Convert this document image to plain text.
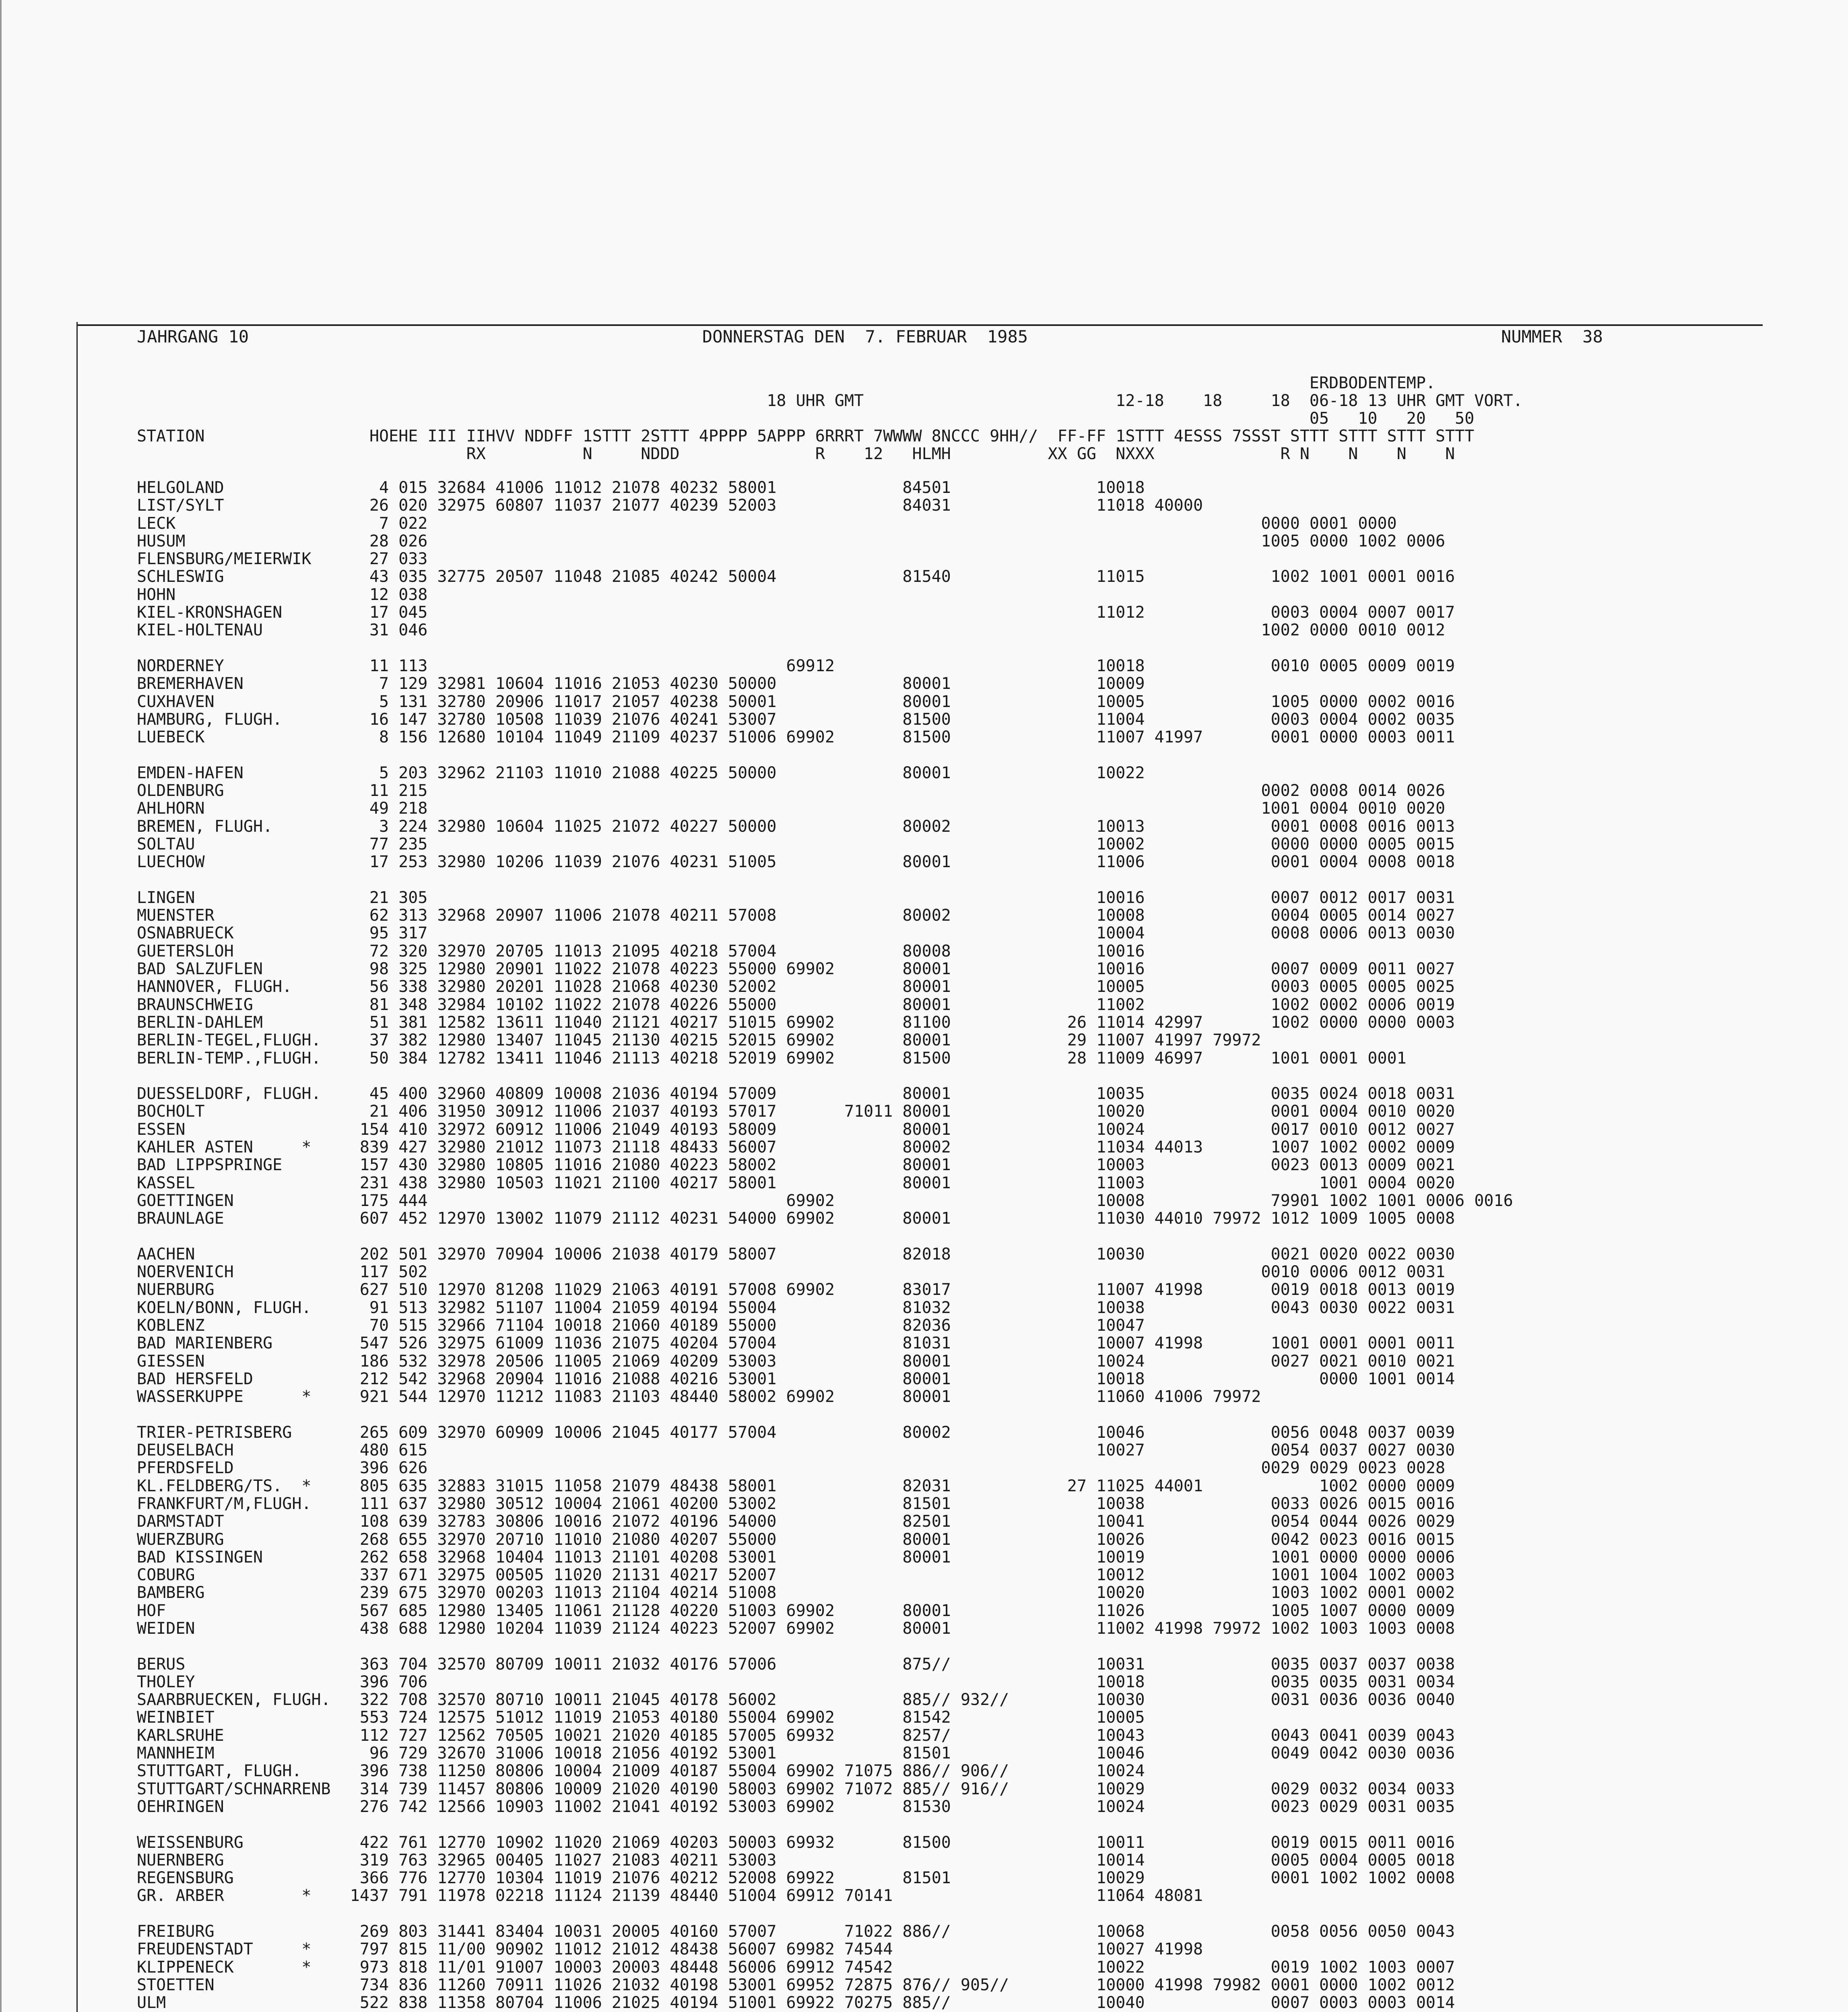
JAHRGANG 10	DONNERSTAG DEN  7. FEBRUAR  1985	NUMMER  38
ERDBODENTEMP.
18 UHR GMT                          12-18    18     18  06-18 13 UHR GMT VORT.
05   10   20   50
STATION                 HOEHE III IIHVV NDDFF 1STTT 2STTT 4PPPP 5APPP 6RRRT 7WWWW 8NCCC 9HH//  FF-FF 1STTT 4ESSS 7SSST STTT STTT STTT STTT
RX          N     NDDD              R    12   HLMH          XX GG  NXXX             R N    N    N    N
HELGOLAND                4 015 32684 41006 11012 21078 40232 58001             84501               10018
LIST/SYLT               26 020 32975 60807 11037 21077 40239 52003             84031               11018 40000
LECK                     7 022                                                                                      0000 0001 0000
HUSUM                   28 026                                                                                      1005 0000 1002 0006
FLENSBURG/MEIERWIK      27 033
SCHLESWIG               43 035 32775 20507 11048 21085 40242 50004             81540               11015             1002 1001 0001 0016
HOHN                    12 038
KIEL-KRONSHAGEN         17 045                                                                     11012             0003 0004 0007 0017
KIEL-HOLTENAU           31 046                                                                                      1002 0000 0010 0012
NORDERNEY               11 113                                     69912                           10018             0010 0005 0009 0019
BREMERHAVEN              7 129 32981 10604 11016 21053 40230 50000             80001               10009
CUXHAVEN                 5 131 32780 20906 11017 21057 40238 50001             80001               10005             1005 0000 0002 0016
HAMBURG, FLUGH.         16 147 32780 10508 11039 21076 40241 53007             81500               11004             0003 0004 0002 0035
LUEBECK                  8 156 12680 10104 11049 21109 40237 51006 69902       81500               11007 41997       0001 0000 0003 0011
EMDEN-HAFEN              5 203 32962 21103 11010 21088 40225 50000             80001               10022
OLDENBURG               11 215                                                                                      0002 0008 0014 0026
AHLHORN                 49 218                                                                                      1001 0004 0010 0020
BREMEN, FLUGH.           3 224 32980 10604 11025 21072 40227 50000             80002               10013             0001 0008 0016 0013
SOLTAU                  77 235                                                                     10002             0000 0000 0005 0015
LUECHOW                 17 253 32980 10206 11039 21076 40231 51005             80001               11006             0001 0004 0008 0018
LINGEN                  21 305                                                                     10016             0007 0012 0017 0031
MUENSTER                62 313 32968 20907 11006 21078 40211 57008             80002               10008             0004 0005 0014 0027
OSNABRUECK              95 317                                                                     10004             0008 0006 0013 0030
GUETERSLOH              72 320 32970 20705 11013 21095 40218 57004             80008               10016
BAD SALZUFLEN           98 325 12980 20901 11022 21078 40223 55000 69902       80001               10016             0007 0009 0011 0027
HANNOVER, FLUGH.        56 338 32980 20201 11028 21068 40230 52002             80001               10005             0003 0005 0005 0025
BRAUNSCHWEIG            81 348 32984 10102 11022 21078 40226 55000             80001               11002             1002 0002 0006 0019
BERLIN-DAHLEM           51 381 12582 13611 11040 21121 40217 51015 69902       81100            26 11014 42997       1002 0000 0000 0003
BERLIN-TEGEL,FLUGH.     37 382 12980 13407 11045 21130 40215 52015 69902       80001            29 11007 41997 79972
BERLIN-TEMP.,FLUGH.     50 384 12782 13411 11046 21113 40218 52019 69902       81500            28 11009 46997       1001 0001 0001
DUESSELDORF, FLUGH.     45 400 32960 40809 10008 21036 40194 57009             80001               10035             0035 0024 0018 0031
BOCHOLT                 21 406 31950 30912 11006 21037 40193 57017       71011 80001               10020             0001 0004 0010 0020
ESSEN                  154 410 32972 60912 11006 21049 40193 58009             80001               10024             0017 0010 0012 0027
KAHLER ASTEN     *     839 427 32980 21012 11073 21118 48433 56007             80002               11034 44013       1007 1002 0002 0009
BAD LIPPSPRINGE        157 430 32980 10805 11016 21080 40223 58002             80001               10003             0023 0013 0009 0021
KASSEL                 231 438 32980 10503 11021 21100 40217 58001             80001               11003                  1001 0004 0020
GOETTINGEN             175 444                                     69902                           10008             79901 1002 1001 0006 0016
BRAUNLAGE              607 452 12970 13002 11079 21112 40231 54000 69902       80001               11030 44010 79972 1012 1009 1005 0008
AACHEN                 202 501 32970 70904 10006 21038 40179 58007             82018               10030             0021 0020 0022 0030
NOERVENICH             117 502                                                                                      0010 0006 0012 0031
NUERBURG               627 510 12970 81208 11029 21063 40191 57008 69902       83017               11007 41998       0019 0018 0013 0019
KOELN/BONN, FLUGH.      91 513 32982 51107 11004 21059 40194 55004             81032               10038             0043 0030 0022 0031
KOBLENZ                 70 515 32966 71104 10018 21060 40189 55000             82036               10047
BAD MARIENBERG         547 526 32975 61009 11036 21075 40204 57004             81031               10007 41998       1001 0001 0001 0011
GIESSEN                186 532 32978 20506 11005 21069 40209 53003             80001               10024             0027 0021 0010 0021
BAD HERSFELD           212 542 32968 20904 11016 21088 40216 53001             80001               10018                  0000 1001 0014
WASSERKUPPE      *     921 544 12970 11212 11083 21103 48440 58002 69902       80001               11060 41006 79972
TRIER-PETRISBERG       265 609 32970 60909 10006 21045 40177 57004             80002               10046             0056 0048 0037 0039
DEUSELBACH             480 615                                                                     10027             0054 0037 0027 0030
PFERDSFELD             396 626                                                                                      0029 0029 0023 0028
KL.FELDBERG/TS.  *     805 635 32883 31015 11058 21079 48438 58001             82031            27 11025 44001            1002 0000 0009
FRANKFURT/M,FLUGH.     111 637 32980 30512 10004 21061 40200 53002             81501               10038             0033 0026 0015 0016
DARMSTADT              108 639 32783 30806 10016 21072 40196 54000             82501               10041             0054 0044 0026 0029
WUERZBURG              268 655 32970 20710 11010 21080 40207 55000             80001               10026             0042 0023 0016 0015
BAD KISSINGEN          262 658 32968 10404 11013 21101 40208 53001             80001               10019             1001 0000 0000 0006
COBURG                 337 671 32975 00505 11020 21131 40217 52007                                 10012             1001 1004 1002 0003
BAMBERG                239 675 32970 00203 11013 21104 40214 51008                                 10020             1003 1002 0001 0002
HOF                    567 685 12980 13405 11061 21128 40220 51003 69902       80001               11026             1005 1007 0000 0009
WEIDEN                 438 688 12980 10204 11039 21124 40223 52007 69902       80001               11002 41998 79972 1002 1003 1003 0008
BERUS                  363 704 32570 80709 10011 21032 40176 57006             875//               10031             0035 0037 0037 0038
THOLEY                 396 706                                                                     10018             0035 0035 0031 0034
SAARBRUECKEN, FLUGH.   322 708 32570 80710 10011 21045 40178 56002             885// 932//         10030             0031 0036 0036 0040
WEINBIET               553 724 12575 51012 11019 21053 40180 55004 69902       81542               10005
KARLSRUHE              112 727 12562 70505 10021 21020 40185 57005 69932       8257/               10043             0043 0041 0039 0043
MANNHEIM                96 729 32670 31006 10018 21056 40192 53001             81501               10046             0049 0042 0030 0036
STUTTGART, FLUGH.      396 738 11250 80806 10004 21009 40187 55004 69902 71075 886// 906//         10024
STUTTGART/SCHNARRENB   314 739 11457 80806 10009 21020 40190 58003 69902 71072 885// 916//         10029             0029 0032 0034 0033
OEHRINGEN              276 742 12566 10903 11002 21041 40192 53003 69902       81530               10024             0023 0029 0031 0035
WEISSENBURG            422 761 12770 10902 11020 21069 40203 50003 69932       81500               10011             0019 0015 0011 0016
NUERNBERG              319 763 32965 00405 11027 21083 40211 53003                                 10014             0005 0004 0005 0018
REGENSBURG             366 776 12770 10304 11019 21076 40212 52008 69922       81501               10029             0001 1002 1002 0008
GR. ARBER        *    1437 791 11978 02218 11124 21139 48440 51004 69912 70141                     11064 48081
FREIBURG               269 803 31441 83404 10031 20005 40160 57007       71022 886//               10068             0058 0056 0050 0043
FREUDENSTADT     *     797 815 11/00 90902 11012 21012 48438 56007 69982 74544                     10027 41998
KLIPPENECK       *     973 818 11/01 91007 10003 20003 48448 56006 69912 74542                     10022             0019 1002 1003 0007
STOETTEN               734 836 11260 70911 11026 21032 40198 53001 69952 72875 876// 905//         10000 41998 79982 0001 0000 1002 0012
ULM                    522 838 11358 80704 11006 21025 40194 51001 69922 70275 885//               10040             0007 0003 0003 0014
